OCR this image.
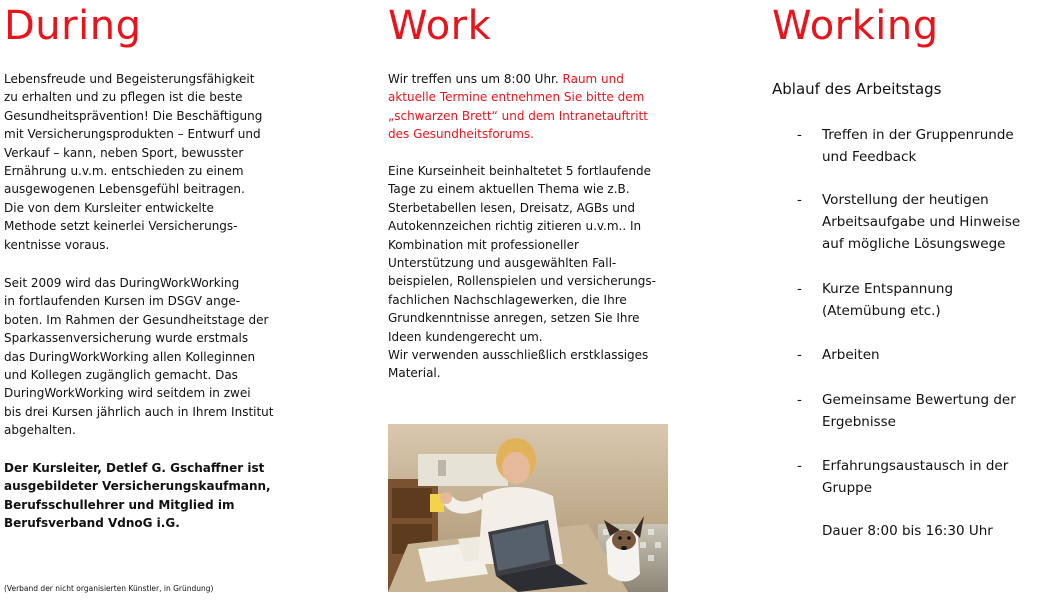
During

Lebensfreude und Begeisterungsfähigkeit
zu erhalten und zu pflegen ist die beste
Gesundheitsprävention! Die Beschäftigung
mit Versicherungsprodukten – Entwurf und
Verkauf – kann, neben Sport, bewusster
Ernährung u.v.m. entschieden zu einem
ausgewogenen Lebensgefühl beitragen.
Die von dem Kursleiter entwickelte
Methode setzt keinerlei Versicherungs-
kentnisse voraus.

Seit 2009 wird das DuringWorkWorking
in fortlaufenden Kursen im DSGV ange-
boten. Im Rahmen der Gesundheitstage der
Sparkassenversicherung wurde erstmals
das DuringWorkWorking allen Kolleginnen
und Kollegen zugänglich gemacht. Das
DuringWorkWorking wird seitdem in zwei
bis drei Kursen jährlich auch in Ihrem Institut
abgehalten.

Der Kursleiter, Detlef G. Gschaffner ist
ausgebildeter Versicherungskaufmann,
Berufsschullehrer und Mitglied im
Berufsverband VdnoG i.G.

(Verband der nicht organisierten Künstler, in Gründung)
Work

Wir treffen uns um 8:00 Uhr. Raum und
aktuelle Termine entnehmen Sie bitte dem
„schwarzen Brett“ und dem Intranetauftritt
des Gesundheitsforums.

Eine Kurseinheit beinhaltetet 5 fortlaufende
Tage zu einem aktuellen Thema wie z.B.
Sterbetabellen lesen, Dreisatz, AGBs und
Autokennzeichen richtig zitieren u.v.m.. In
Kombination mit professioneller
Unterstützung und ausgewählten Fall-
beispielen, Rollenspielen und versicherungs-
fachlichen Nachschlagewerken, die Ihre
Grundkenntnisse anregen, setzen Sie Ihre
Ideen kundengerecht um.
Wir verwenden ausschließlich erstklassiges
Material.

Working

Ablauf des Arbeitstags

- Treffen in der Gruppenrunde
und Feedback
- Vorstellung der heutigen
Arbeitsaufgabe und Hinweise
auf mögliche Lösungswege
- Kurze Entspannung
(Atemübung etc.)
- Arbeiten
- Gemeinsame Bewertung der
Ergebnisse
- Erfahrungsaustausch in der
Gruppe
Dauer 8:00 bis 16:30 Uhr
